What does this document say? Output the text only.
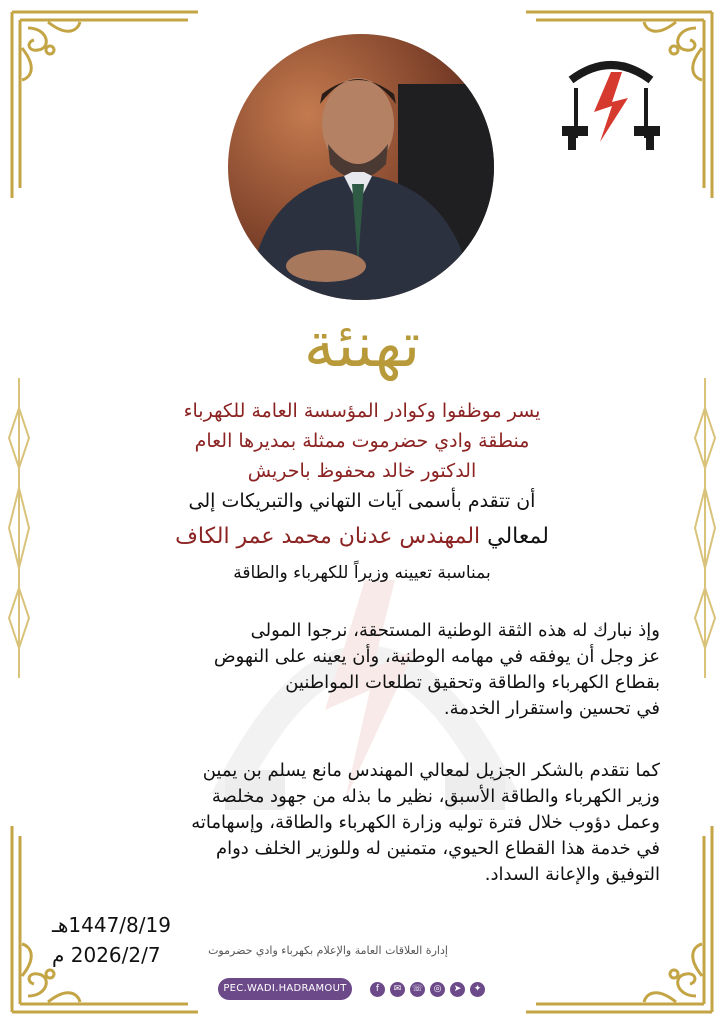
تهنئة
يسر موظفوا وكوادر المؤسسة العامة للكهرباء
منطقة وادي حضرموت ممثلة بمديرها العام
الدكتور خالد محفوظ باحريش
أن تتقدم بأسمى آيات التهاني والتبريكات إلى
لمعالي المهندس عدنان محمد عمر الكاف
بمناسبة تعيينه وزيراً للكهرباء والطاقة
وإذ نبارك له هذه الثقة الوطنية المستحقة، نرجوا المولى
عز وجل أن يوفقه في مهامه الوطنية، وأن يعينه على النهوض
بقطاع الكهرباء والطاقة وتحقيق تطلعات المواطنين
في تحسين واستقرار الخدمة.
كما نتقدم بالشكر الجزيل لمعالي المهندس مانع يسلم بن يمين
وزير الكهرباء والطاقة الأسبق، نظير ما بذله من جهود مخلصة
وعمل دؤوب خلال فترة توليه وزارة الكهرباء والطاقة، وإسهاماته
في خدمة هذا القطاع الحيوي، متمنين له وللوزير الخلف دوام
التوفيق والإعانة السداد.
1447/8/19هـ
2026/2/7 م	إدارة العلاقات العامة والإعلام بكهرباء وادي حضرموت
PEC.WADI.HADRAMOUT	f	✉	☏	◎	➤	✦
